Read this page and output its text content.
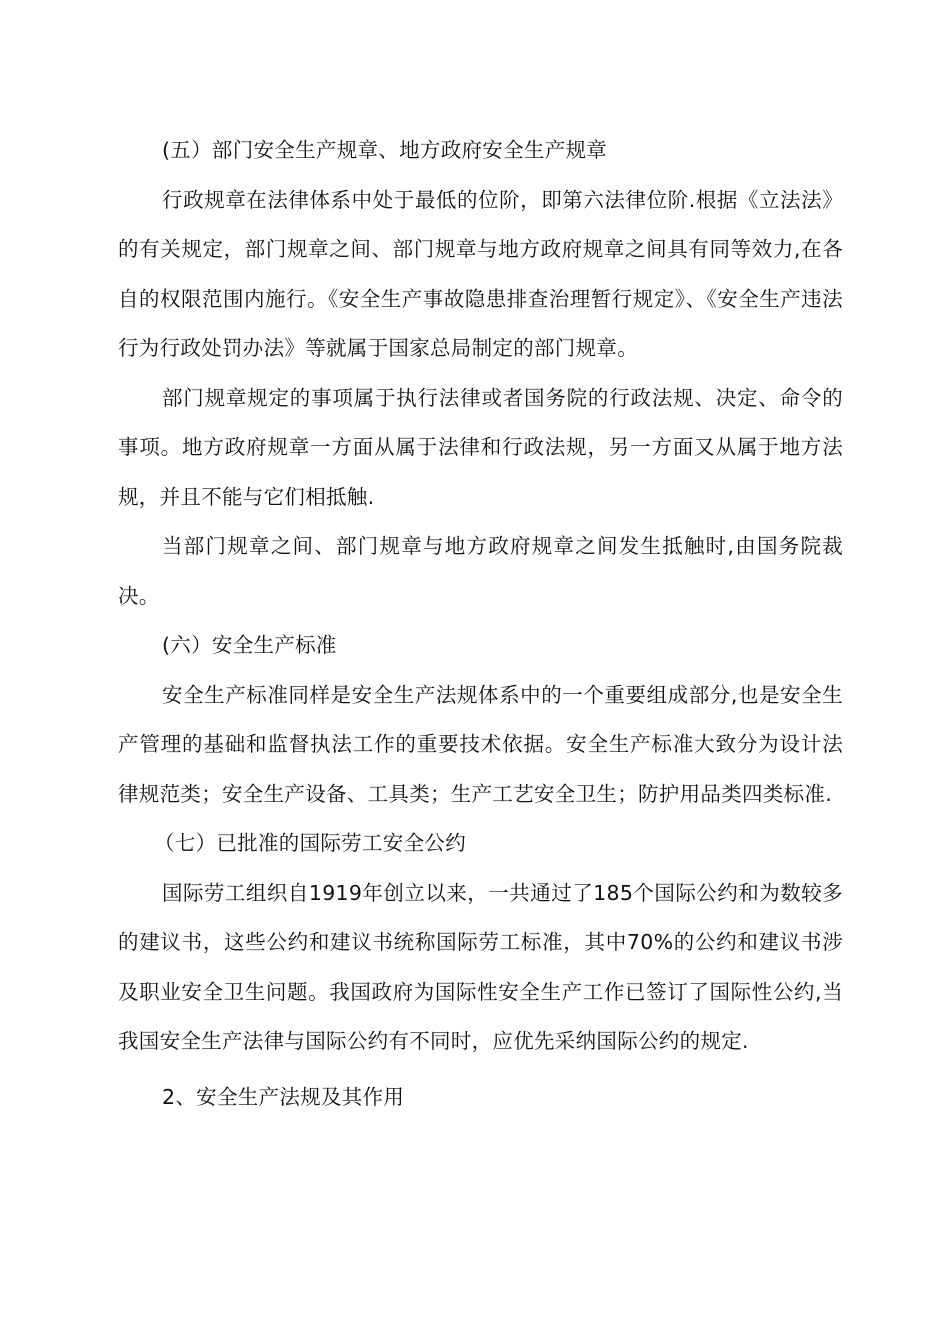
(五）部门安全生产规章、地方政府安全生产规章

行政规章在法律体系中处于最低的位阶，即第六法律位阶.根据《立法法》的有关规定，部门规章之间、部门规章与地方政府规章之间具有同等效力,在各自的权限范围内施行。《安全生产事故隐患排查治理暂行规定》、《安全生产违法行为行政处罚办法》等就属于国家总局制定的部门规章。

部门规章规定的事项属于执行法律或者国务院的行政法规、决定、命令的事项。地方政府规章一方面从属于法律和行政法规，另一方面又从属于地方法规，并且不能与它们相抵触.

当部门规章之间、部门规章与地方政府规章之间发生抵触时,由国务院裁决。

(六）安全生产标准

安全生产标准同样是安全生产法规体系中的一个重要组成部分,也是安全生产管理的基础和监督执法工作的重要技术依据。安全生产标准大致分为设计法律规范类；安全生产设备、工具类；生产工艺安全卫生；防护用品类四类标准.

（七）已批准的国际劳工安全公约

国际劳工组织自1919年创立以来，一共通过了185个国际公约和为数较多的建议书，这些公约和建议书统称国际劳工标准，其中70%的公约和建议书涉及职业安全卫生问题。我国政府为国际性安全生产工作已签订了国际性公约,当我国安全生产法律与国际公约有不同时，应优先采纳国际公约的规定.

2、安全生产法规及其作用
